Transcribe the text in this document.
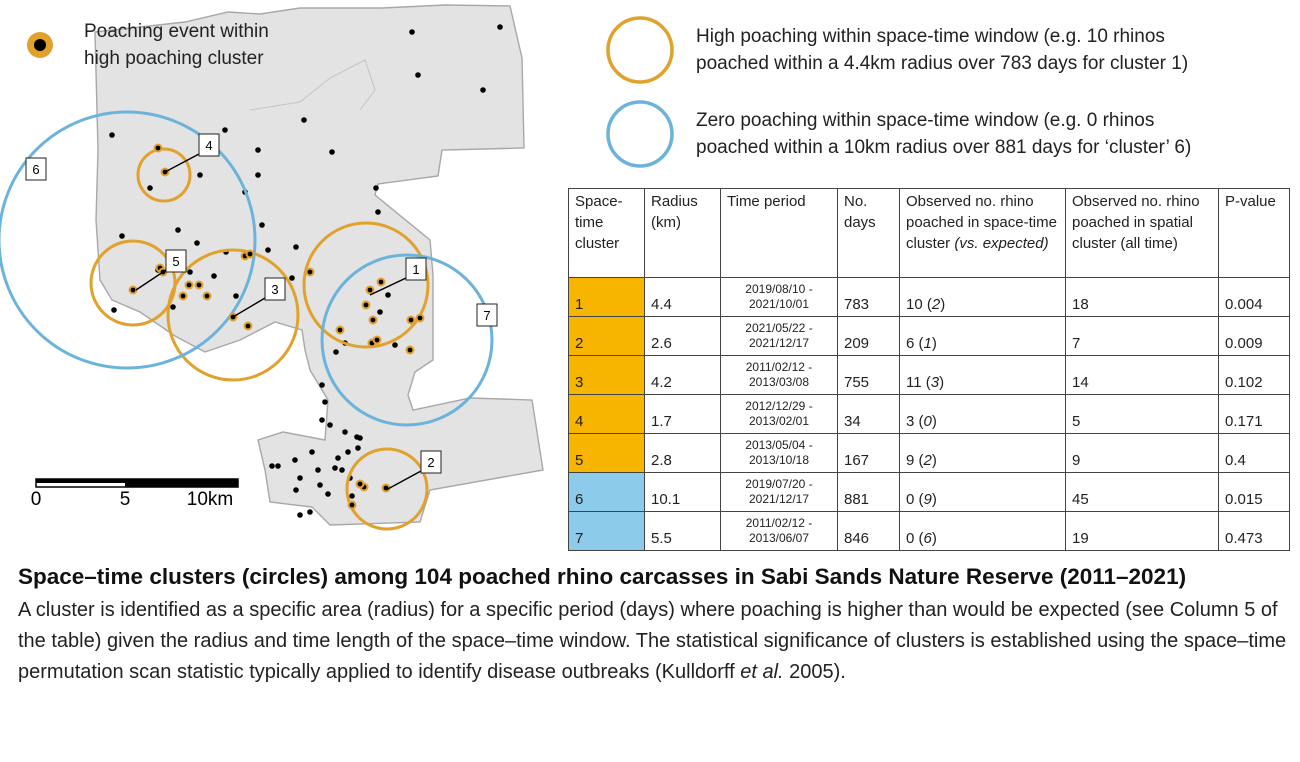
1
2
3
4
5
6
7
0	5	10km
Poaching event within
high poaching cluster
High poaching within space-time window (e.g. 10 rhinos
poached within a 4.4km radius over 783 days for cluster 1)
Zero poaching within space-time window (e.g. 0 rhinos
poached within a 10km radius over 881 days for ‘cluster’ 6)
Space-time cluster	Radius (km)	Time period	No. days	Observed no. rhino poached in space-time cluster (vs. expected)	Observed no. rhino poached in spatial cluster (all time)	P-value
1	4.4	2019/08/10 -
2021/10/01	783	10 (2)	18	0.004
2	2.6	2021/05/22 -
2021/12/17	209	6 (1)	7	0.009
3	4.2	2011/02/12 -
2013/03/08	755	11 (3)	14	0.102
4	1.7	2012/12/29 -
2013/02/01	34	3 (0)	5	0.171
5	2.8	2013/05/04 -
2013/10/18	167	9 (2)	9	0.4
6	10.1	2019/07/20 -
2021/12/17	881	0 (9)	45	0.015
7	5.5	2011/02/12 -
2013/06/07	846	0 (6)	19	0.473

Space–time clusters (circles) among 104 poached rhino carcasses in Sabi Sands Nature Reserve (2011–2021)

A cluster is identified as a specific area (radius) for a specific period (days) where poaching is higher than would be expected (see Column 5 of the table) given the radius and time length of the space–time window. The statistical significance of clusters is established using the space–time permutation scan statistic typically applied to identify disease outbreaks (Kulldorff et al. 2005).
